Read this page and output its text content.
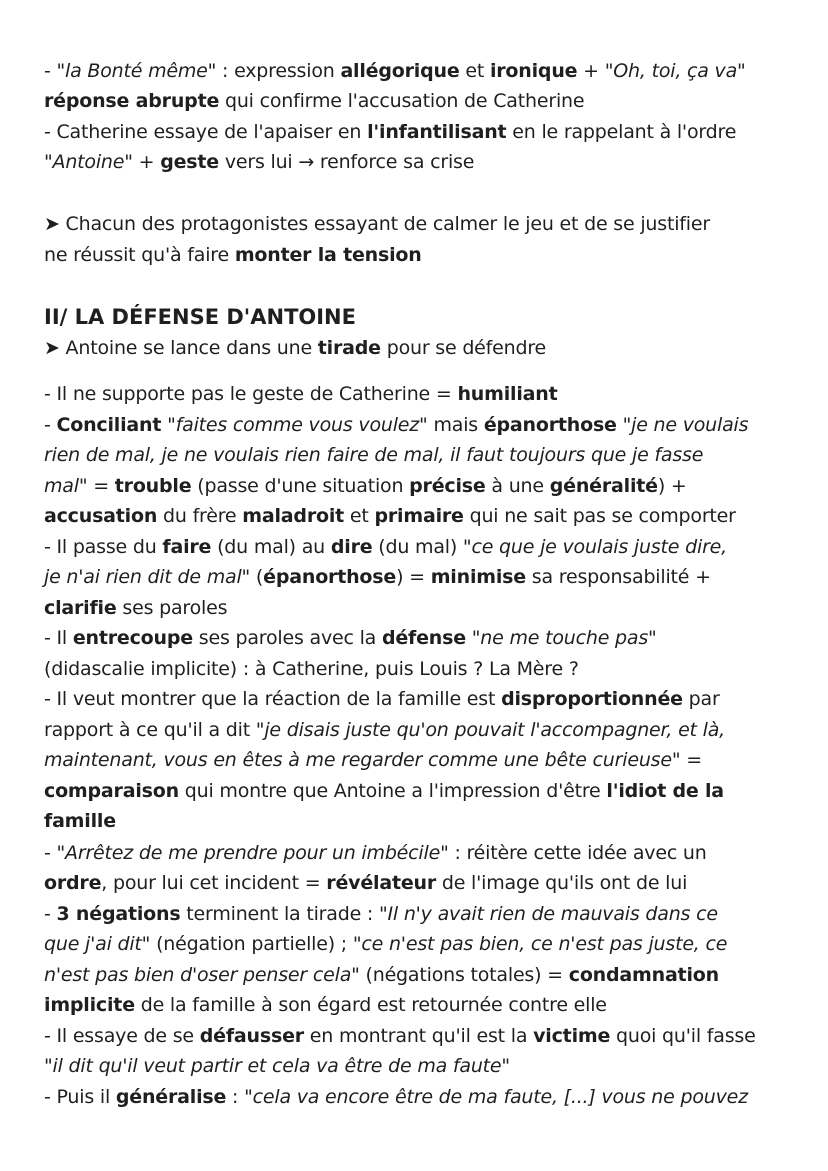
- "la Bonté même" : expression allégorique et ironique + "Oh, toi, ça va"
réponse abrupte qui confirme l'accusation de Catherine
- Catherine essaye de l'apaiser en l'infantilisant en le rappelant à l'ordre
"Antoine" + geste vers lui → renforce sa crise
➤ Chacun des protagonistes essayant de calmer le jeu et de se justifier
ne réussit qu'à faire monter la tension
II/ LA DÉFENSE D'ANTOINE
➤ Antoine se lance dans une tirade pour se défendre
- Il ne supporte pas le geste de Catherine = humiliant
- Conciliant "faites comme vous voulez" mais épanorthose "je ne voulais
rien de mal, je ne voulais rien faire de mal, il faut toujours que je fasse
mal" = trouble (passe d'une situation précise à une généralité) +
accusation du frère maladroit et primaire qui ne sait pas se comporter
- Il passe du faire (du mal) au dire (du mal) "ce que je voulais juste dire,
je n'ai rien dit de mal" (épanorthose) = minimise sa responsabilité +
clarifie ses paroles
- Il entrecoupe ses paroles avec la défense "ne me touche pas"
(didascalie implicite) : à Catherine, puis Louis ? La Mère ?
- Il veut montrer que la réaction de la famille est disproportionnée par
rapport à ce qu'il a dit "je disais juste qu'on pouvait l'accompagner, et là,
maintenant, vous en êtes à me regarder comme une bête curieuse" =
comparaison qui montre que Antoine a l'impression d'être l'idiot de la
famille
- "Arrêtez de me prendre pour un imbécile" : réitère cette idée avec un
ordre, pour lui cet incident = révélateur de l'image qu'ils ont de lui
- 3 négations terminent la tirade : "Il n'y avait rien de mauvais dans ce
que j'ai dit" (négation partielle) ; "ce n'est pas bien, ce n'est pas juste, ce
n'est pas bien d'oser penser cela" (négations totales) = condamnation
implicite de la famille à son égard est retournée contre elle
- Il essaye de se défausser en montrant qu'il est la victime quoi qu'il fasse
"il dit qu'il veut partir et cela va être de ma faute"
- Puis il généralise : "cela va encore être de ma faute, [...] vous ne pouvez
